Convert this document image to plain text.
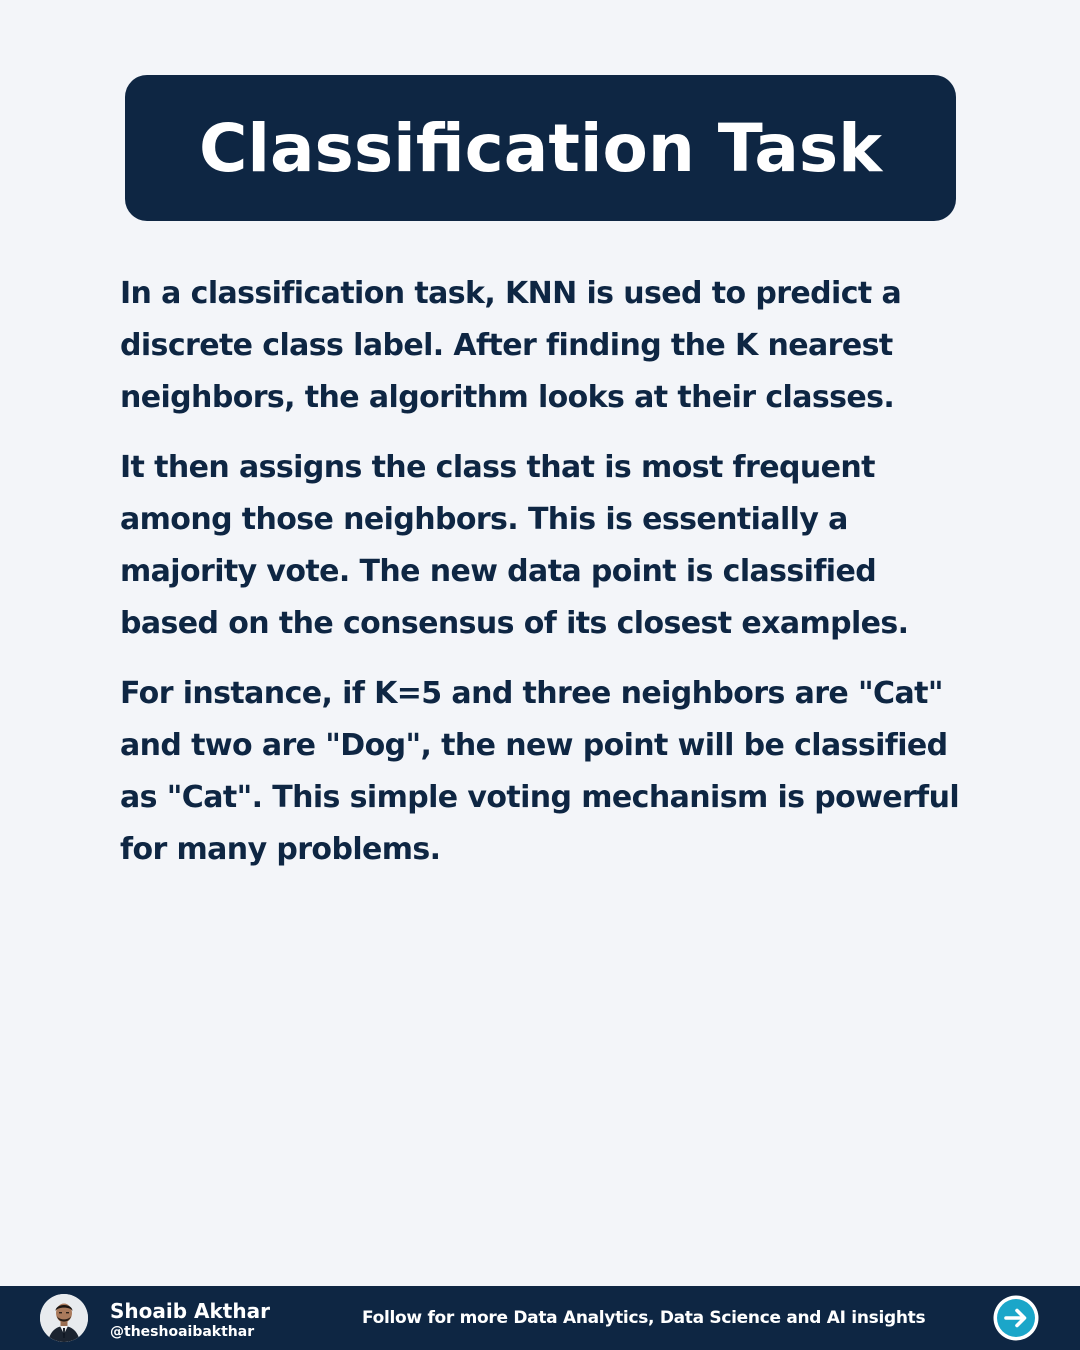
Classification Task

In a classification task, KNN is used to predict a discrete class label. After finding the K nearest neighbors, the algorithm looks at their classes.

It then assigns the class that is most frequent among those neighbors. This is essentially a majority vote. The new data point is classified based on the consensus of its closest examples.

For instance, if K=5 and three neighbors are "Cat" and two are "Dog", the new point will be classified as "Cat". This simple voting mechanism is powerful for many problems.

Shoaib Akthar
@theshoaibakthar
Follow for more Data Analytics, Data Science and AI insights
